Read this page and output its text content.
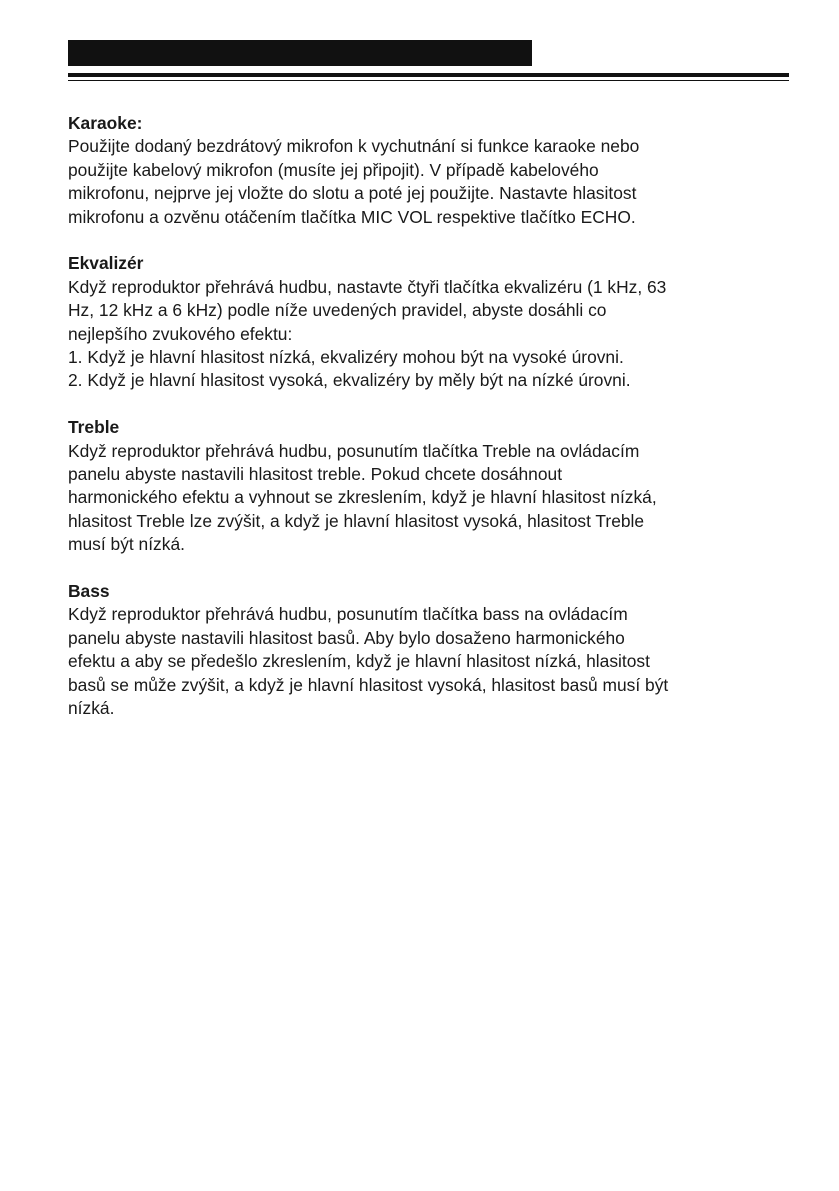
Karaoke:
Použijte dodaný bezdrátový mikrofon k vychutnání si funkce karaoke nebo
použijte kabelový mikrofon (musíte jej připojit). V případě kabelového
mikrofonu, nejprve jej vložte do slotu a poté jej použijte. Nastavte hlasitost
mikrofonu a ozvěnu otáčením tlačítka MIC VOL respektive tlačítko ECHO.
Ekvalizér
Když reproduktor přehrává hudbu, nastavte čtyři tlačítka ekvalizéru (1 kHz, 63
Hz, 12 kHz a 6 kHz) podle níže uvedených pravidel, abyste dosáhli co
nejlepšího zvukového efektu:
1. Když je hlavní hlasitost nízká, ekvalizéry mohou být na vysoké úrovni.
2. Když je hlavní hlasitost vysoká, ekvalizéry by měly být na nízké úrovni.
Treble
Když reproduktor přehrává hudbu, posunutím tlačítka Treble na ovládacím
panelu abyste nastavili hlasitost treble. Pokud chcete dosáhnout
harmonického efektu a vyhnout se zkreslením, když je hlavní hlasitost nízká,
hlasitost Treble lze zvýšit, a když je hlavní hlasitost vysoká, hlasitost Treble
musí být nízká.
Bass
Když reproduktor přehrává hudbu, posunutím tlačítka bass na ovládacím
panelu abyste nastavili hlasitost basů. Aby bylo dosaženo harmonického
efektu a aby se předešlo zkreslením, když je hlavní hlasitost nízká, hlasitost
basů se může zvýšit, a když je hlavní hlasitost vysoká, hlasitost basů musí být
nízká.
